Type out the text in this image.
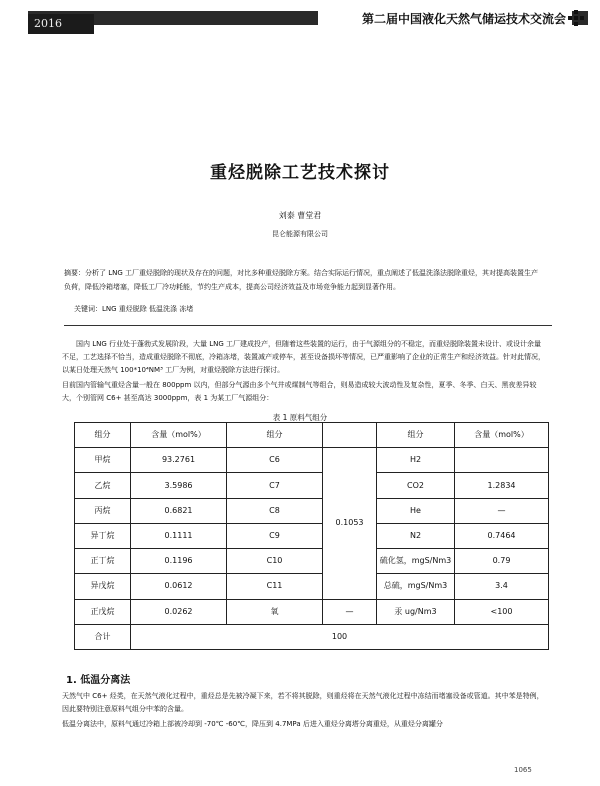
2016	第二届中国液化天然气储运技术交流会
重烃脱除工艺技术探讨
刘泰 曹堂君
昆仑能源有限公司
摘要：分析了 LNG 工厂重烃脱除的现状及存在的问题，对比多种重烃脱除方案。结合实际运行情况，重点阐述了低温洗涤法脱除重烃，其对提高装置生产负荷，降低冷箱堵塞，降低工厂冷功耗能，节约生产成本，提高公司经济效益及市场竞争能力起到显著作用。
关键词：LNG 重烃脱除 低温洗涤 冻堵
国内 LNG 行业处于蓬勃式发展阶段，大量 LNG 工厂建成投产，但随着这些装置的运行，由于气源组分的不稳定，而重烃脱除装置未设计、或设计余量不足，工艺选择不恰当，造成重烃脱除不彻底，冷箱冻堵，装置减产或停车，甚至设备损坏等情况，已严重影响了企业的正常生产和经济效益。针对此情况，以某日处理天然气 100*10⁴NM³ 工厂为例，对重烃脱除方法进行探讨。
目前国内管输气重烃含量一般在 800ppm 以内，但部分气源由多个气井或煤制气等组合，则易造成较大波动性及复杂性，夏季、冬季、白天、黑夜差异较大，个别管网 C6+ 甚至高达 3000ppm，表 1 为某工厂气源组分：
表 1 原料气组分
组分	含量（mol%）	组分		组分	含量（mol%）
甲烷	93.2761	C6	0.1053	H2	
乙烷	3.5986	C7		CO2	1.2834
丙烷	0.6821	C8		He	—
异丁烷	0.1111	C9		N2	0.7464
正丁烷	0.1196	C10		硫化氢，mgS/Nm3	0.79
异戊烷	0.0612	C11		总硫，mgS/Nm3	3.4
正戊烷	0.0262	氧	—	汞 ug/Nm3	<100
合计	100				
1. 低温分离法
天然气中 C6+ 烃类，在天然气液化过程中，重烃总是先被冷凝下来，若不将其脱除，则重烃将在天然气液化过程中冻结而堵塞设备或管道。其中苯是特例，因此要特别注意原料气组分中苯的含量。
低温分离法中，原料气通过冷箱上部被冷却到 -70℃ -60℃，降压到 4.7MPa 后进入重烃分离塔分离重烃，从重烃分离罐分
1065
